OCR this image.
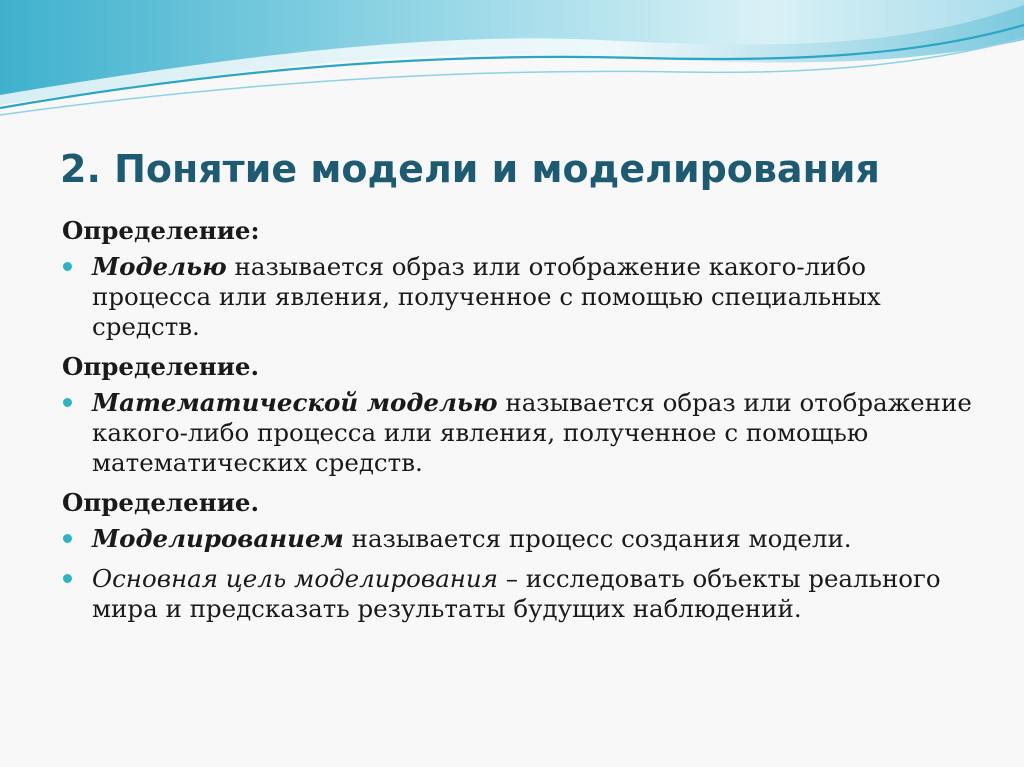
2. Понятие модели и моделирования

Определение:

Моделью называется образ или отображение какого-либо процесса или явления, полученное с помощью специальных средств.

Определение.

Математической моделью называется образ или отображение какого-либо процесса или явления, полученное с помощью математических средств.

Определение.

Моделированием называется процесс создания модели.

Основная цель моделирования – исследовать объекты реального мира и предсказать результаты будущих наблюдений.
